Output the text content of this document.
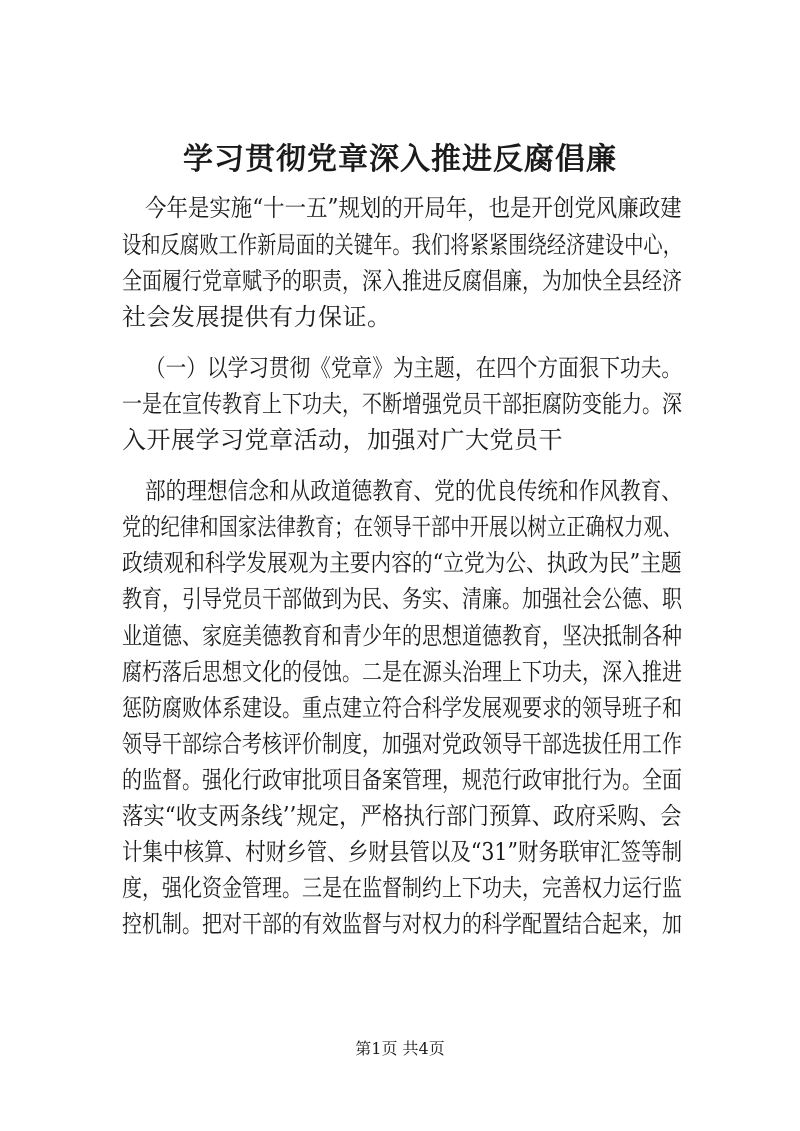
学习贯彻党章深入推进反腐倡廉
今年是实施“十一五”规划的开局年，也是开创党风廉政建
设和反腐败工作新局面的关键年。我们将紧紧围绕经济建设中心，
全面履行党章赋予的职责，深入推进反腐倡廉，为加快全县经济
社会发展提供有力保证。
（一）以学习贯彻《党章》为主题，在四个方面狠下功夫。
一是在宣传教育上下功夫，不断增强党员干部拒腐防变能力。深
入开展学习党章活动，加强对广大党员干
部的理想信念和从政道德教育、党的优良传统和作风教育、
党的纪律和国家法律教育；在领导干部中开展以树立正确权力观、
政绩观和科学发展观为主要内容的“立党为公、执政为民”主题
教育，引导党员干部做到为民、务实、清廉。加强社会公德、职
业道德、家庭美德教育和青少年的思想道德教育，坚决抵制各种
腐朽落后思想文化的侵蚀。二是在源头治理上下功夫，深入推进
惩防腐败体系建设。重点建立符合科学发展观要求的领导班子和
领导干部综合考核评价制度，加强对党政领导干部选拔任用工作
的监督。强化行政审批项目备案管理，规范行政审批行为。全面
落实“收支两条线’’规定，严格执行部门预算、政府采购、会
计集中核算、村财乡管、乡财县管以及“31”财务联审汇签等制
度，强化资金管理。三是在监督制约上下功夫，完善权力运行监
控机制。把对干部的有效监督与对权力的科学配置结合起来，加
第1页 共4页
